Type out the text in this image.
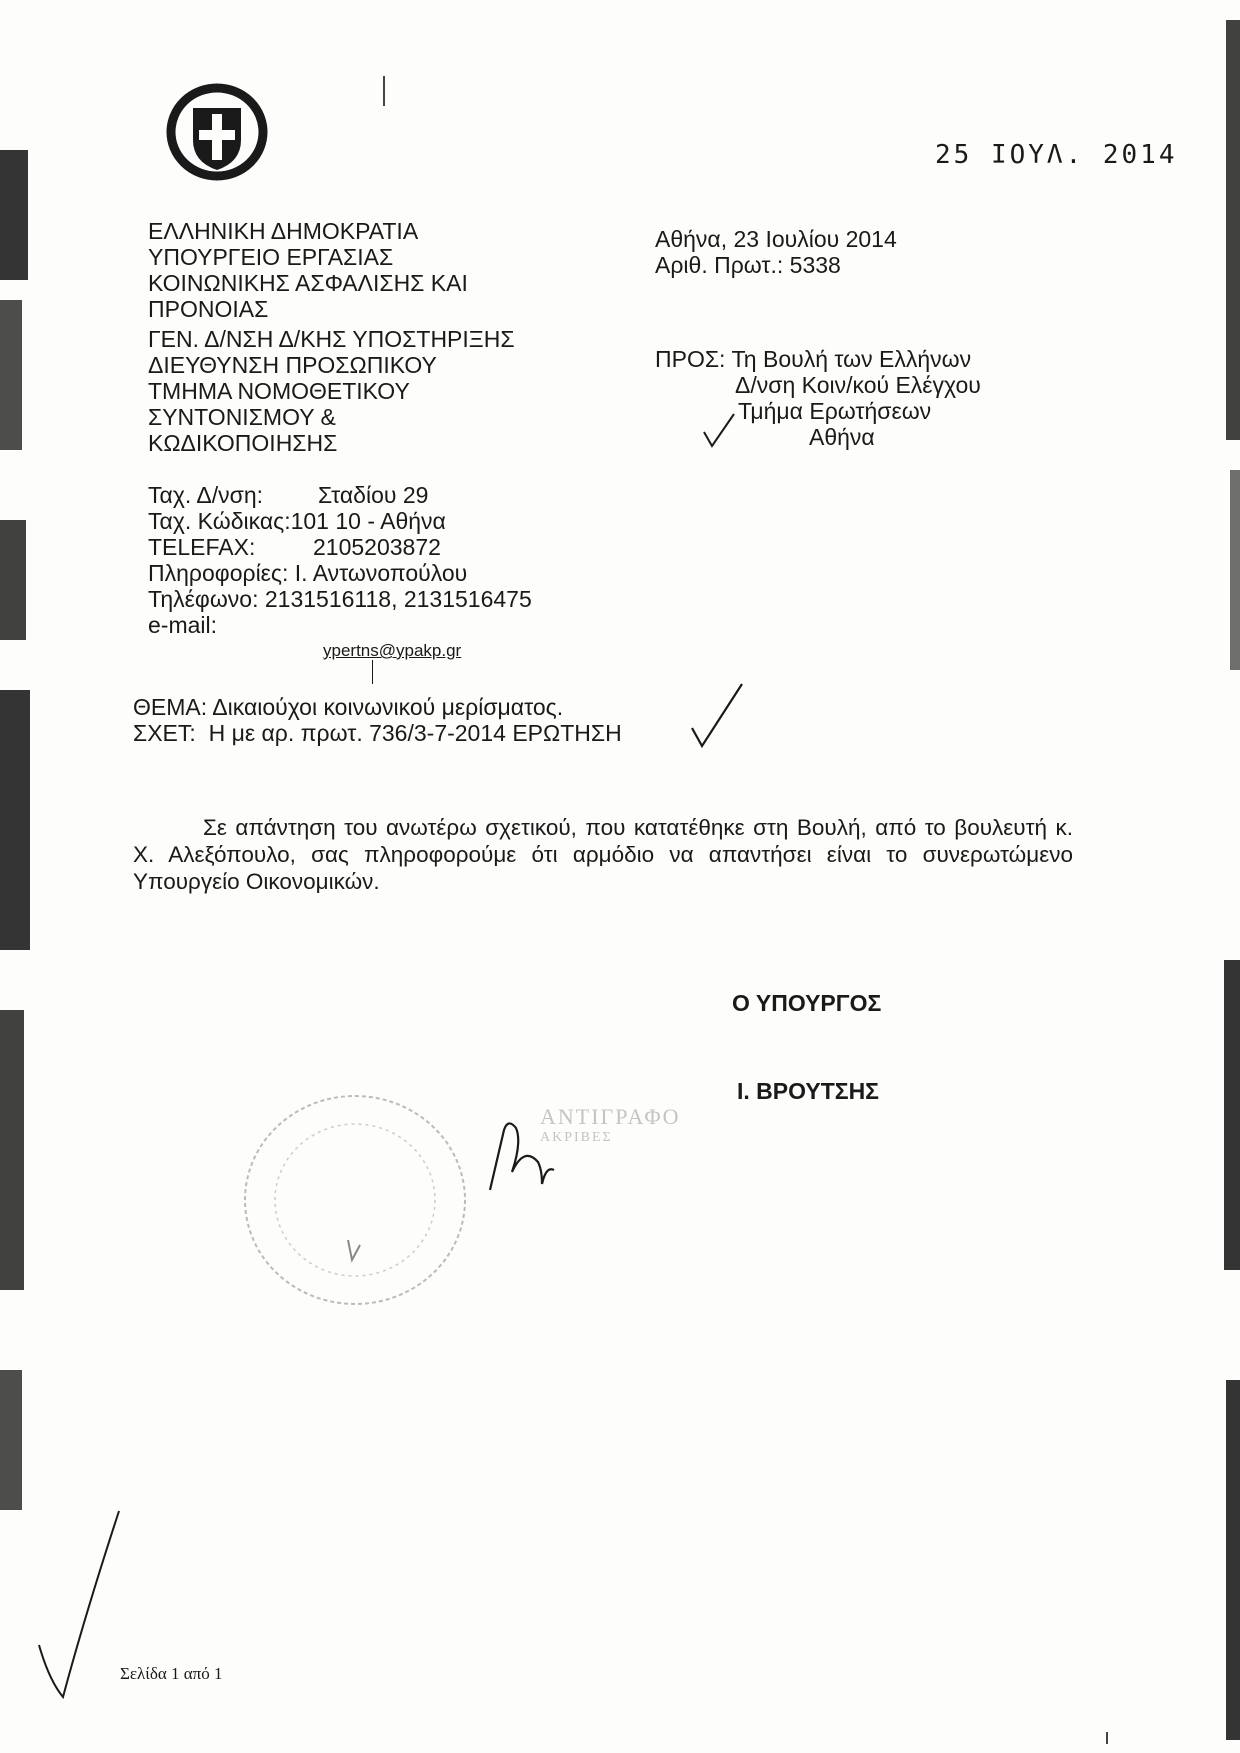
25 ΙΟΥΛ. 2014
ΕΛΛΗΝΙΚΗ ΔΗΜΟΚΡΑΤΙΑ
ΥΠΟΥΡΓΕΙΟ ΕΡΓΑΣΙΑΣ
ΚΟΙΝΩΝΙΚΗΣ ΑΣΦΑΛΙΣΗΣ ΚΑΙ
ΠΡΟΝΟΙΑΣ
ΓΕΝ. Δ/ΝΣΗ Δ/ΚΗΣ ΥΠΟΣΤΗΡΙΞΗΣ
ΔΙΕΥΘΥΝΣΗ ΠΡΟΣΩΠΙΚΟΥ
ΤΜΗΜΑ ΝΟΜΟΘΕΤΙΚΟΥ
ΣΥΝΤΟΝΙΣΜΟΥ &
ΚΩΔΙΚΟΠΟΙΗΣΗΣ
Ταχ. Δ/νση: Σταδίου 29
Ταχ. Κώδικας:101 10 - Αθήνα
TELEFAX:	2105203872
Πληροφορίες: Ι. Αντωνοπούλου
Τηλέφωνο: 2131516118, 2131516475
e-mail:
ypertns@ypakp.gr
Αθήνα, 23 Ιουλίου 2014
Αριθ. Πρωτ.: 5338
ΠΡΟΣ: Τη Βουλή των Ελλήνων
Δ/νση Κοιν/κού Ελέγχου
Τμήμα Ερωτήσεων
Αθήνα
ΘΕΜΑ: Δικαιούχοι κοινωνικού μερίσματος.
ΣΧΕΤ: Η με αρ. πρωτ. 736/3-7-2014 ΕΡΩΤΗΣΗ
Σε απάντηση του ανωτέρω σχετικού, που κατατέθηκε στη Βουλή, από το βουλευτή κ. Χ. Αλεξόπουλο, σας πληροφορούμε ότι αρμόδιο να απαντήσει είναι το συνερωτώμενο Υπουργείο Οικονομικών.
Ο ΥΠΟΥΡΓΟΣ
Ι. ΒΡΟΥΤΣΗΣ
ΑΝΤΙΓΡΑΦΟ
ΑΚΡΙΒΕΣ
Σελίδα 1 από 1
